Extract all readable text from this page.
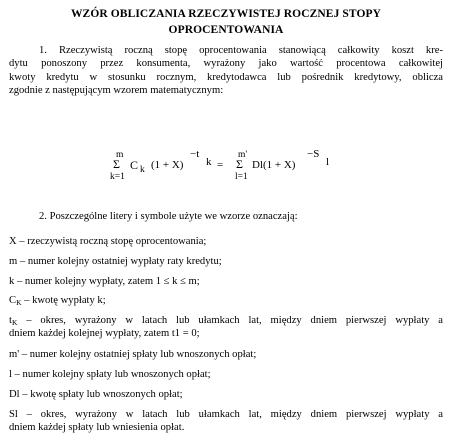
WZÓR OBLICZANIA RZECZYWISTEJ ROCZNEJ STOPY
OPROCENTOWANIA
1. Rzeczywistą roczną stopę oprocentowania stanowiącą całkowity koszt kre-
dytu ponoszony przez konsumenta, wyrażony jako wartość procentowa całkowitej
kwoty kredytu w stosunku rocznym, kredytodawca lub pośrednik kredytowy, oblicza
zgodnie z następującym wzorem matematycznym:
m
Σ
k=1
C k (1 + X)
−t
k =
m'
Σ
l=1
Dl(1 + X)
−S
l
2. Poszczególne litery i symbole użyte we wzorze oznaczają:
X – rzeczywistą roczną stopę oprocentowania;
m – numer kolejny ostatniej wypłaty raty kredytu;
k – numer kolejny wypłaty, zatem 1 ≤ k ≤ m;
CK – kwotę wypłaty k;
tK – okres, wyrażony w latach lub ułamkach lat, między dniem pierwszej wypłaty a
dniem każdej kolejnej wypłaty, zatem t1 = 0;
m' – numer kolejny ostatniej spłaty lub wnoszonych opłat;
l – numer kolejny spłaty lub wnoszonych opłat;
Dl – kwotę spłaty lub wnoszonych opłat;
Sl – okres, wyrażony w latach lub ułamkach lat, między dniem pierwszej wypłaty a
dniem każdej spłaty lub wniesienia opłat.
